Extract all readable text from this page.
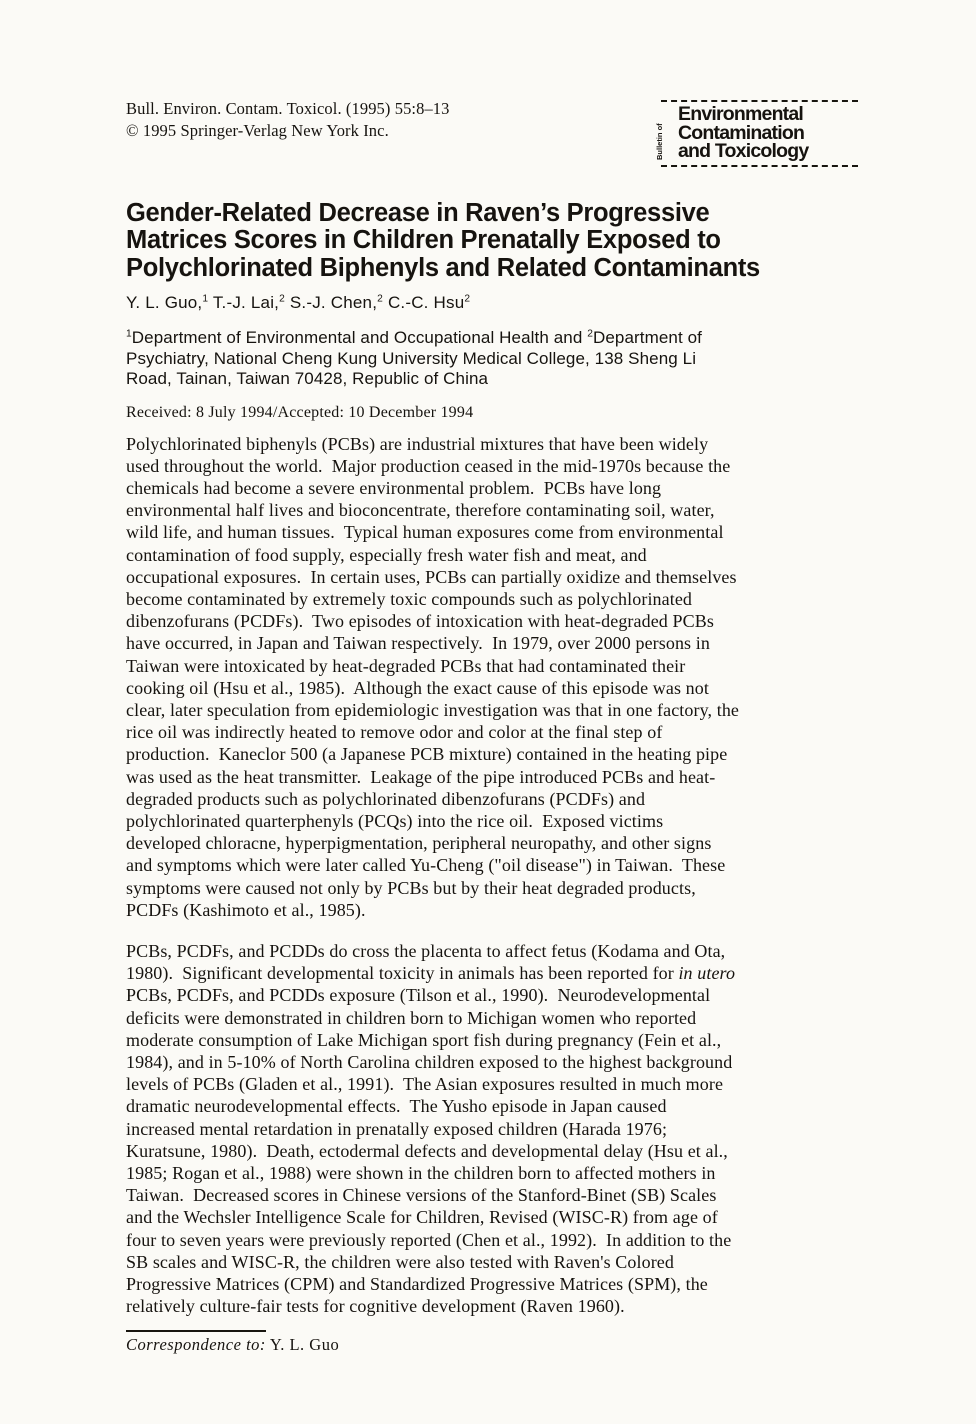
Bull. Environ. Contam. Toxicol. (1995) 55:8–13
© 1995 Springer-Verlag New York Inc.	Bulletin of
Environmental
Contamination
and Toxicology
Gender-Related Decrease in Raven’s Progressive
Matrices Scores in Children Prenatally Exposed to
Polychlorinated Biphenyls and Related Contaminants
Y. L. Guo,$^1$ T.-J. Lai,$^2$ S.-J. Chen,$^2$ C.-C. Hsu$^2$
$^1$Department of Environmental and Occupational Health and $^2$Department of
Psychiatry, National Cheng Kung University Medical College, 138 Sheng Li
Road, Tainan, Taiwan 70428, Republic of China
Received: 8 July 1994/Accepted: 10 December 1994

Polychlorinated biphenyls (PCBs) are industrial mixtures that have been widely
used throughout the world.  Major production ceased in the mid-1970s because the
chemicals had become a severe environmental problem.  PCBs have long
environmental half lives and bioconcentrate, therefore contaminating soil, water,
wild life, and human tissues.  Typical human exposures come from environmental
contamination of food supply, especially fresh water fish and meat, and
occupational exposures.  In certain uses, PCBs can partially oxidize and themselves
become contaminated by extremely toxic compounds such as polychlorinated
dibenzofurans (PCDFs).  Two episodes of intoxication with heat-degraded PCBs
have occurred, in Japan and Taiwan respectively.  In 1979, over 2000 persons in
Taiwan were intoxicated by heat-degraded PCBs that had contaminated their
cooking oil (Hsu et al., 1985).  Although the exact cause of this episode was not
clear, later speculation from epidemiologic investigation was that in one factory, the
rice oil was indirectly heated to remove odor and color at the final step of
production.  Kaneclor 500 (a Japanese PCB mixture) contained in the heating pipe
was used as the heat transmitter.  Leakage of the pipe introduced PCBs and heat-
degraded products such as polychlorinated dibenzofurans (PCDFs) and
polychlorinated quarterphenyls (PCQs) into the rice oil.  Exposed victims
developed chloracne, hyperpigmentation, peripheral neuropathy, and other signs
and symptoms which were later called Yu-Cheng ("oil disease") in Taiwan.  These
symptoms were caused not only by PCBs but by their heat degraded products,
PCDFs (Kashimoto et al., 1985).

PCBs, PCDFs, and PCDDs do cross the placenta to affect fetus (Kodama and Ota,
1980).  Significant developmental toxicity in animals has been reported for in utero
PCBs, PCDFs, and PCDDs exposure (Tilson et al., 1990).  Neurodevelopmental
deficits were demonstrated in children born to Michigan women who reported
moderate consumption of Lake Michigan sport fish during pregnancy (Fein et al.,
1984), and in 5-10% of North Carolina children exposed to the highest background
levels of PCBs (Gladen et al., 1991).  The Asian exposures resulted in much more
dramatic neurodevelopmental effects.  The Yusho episode in Japan caused
increased mental retardation in prenatally exposed children (Harada 1976;
Kuratsune, 1980).  Death, ectodermal defects and developmental delay (Hsu et al.,
1985; Rogan et al., 1988) were shown in the children born to affected mothers in
Taiwan.  Decreased scores in Chinese versions of the Stanford-Binet (SB) Scales
and the Wechsler Intelligence Scale for Children, Revised (WISC-R) from age of
four to seven years were previously reported (Chen et al., 1992).  In addition to the
SB scales and WISC-R, the children were also tested with Raven's Colored
Progressive Matrices (CPM) and Standardized Progressive Matrices (SPM), the
relatively culture-fair tests for cognitive development (Raven 1960).

Correspondence to: Y. L. Guo
